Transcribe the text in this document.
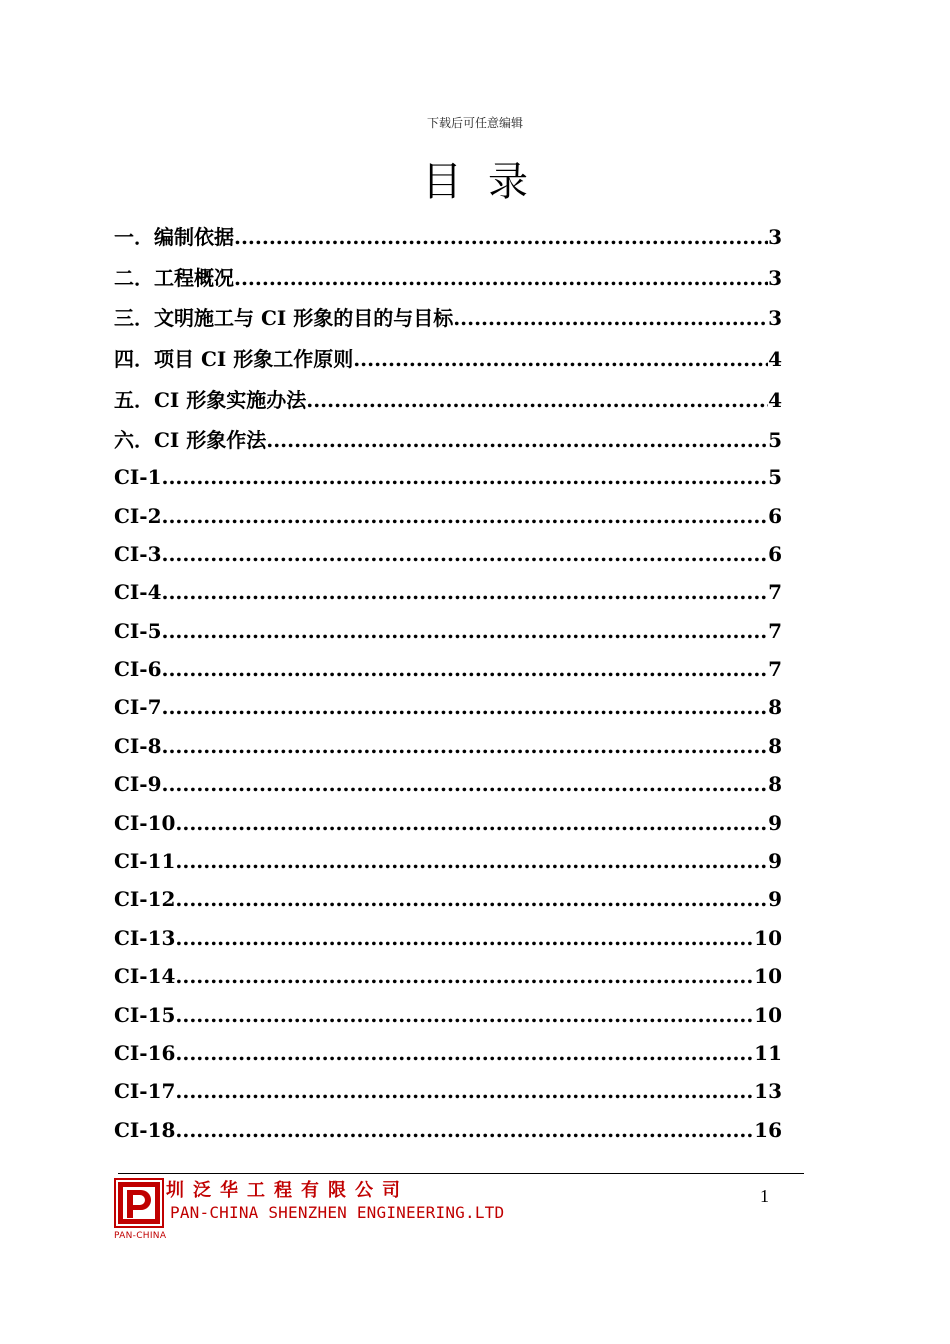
下载后可任意编辑
目录
一．编制依据 .....	3
二．工程概况 .....	3
三．文明施工与 CI 形象的目的与目标 .....	3
四．项目 CI 形象工作原则 .....	4
五．CI 形象实施办法 .....	4
六．CI 形象作法 .....	5
CI-1 .....	5
CI-2 .....	6
CI-3 .....	6
CI-4 .....	7
CI-5 .....	7
CI-6 .....	7
CI-7 .....	8
CI-8 .....	8
CI-9 .....	8
CI-10 .....	9
CI-11 .....	9
CI-12 .....	9
CI-13 .....	10
CI-14 .....	10
CI-15 .....	10
CI-16 .....	11
CI-17 .....	13
CI-18 .....	16
PAN-CHINA
圳泛华工程有限公司
PAN-CHINA SHENZHEN ENGINEERING.LTD
1
